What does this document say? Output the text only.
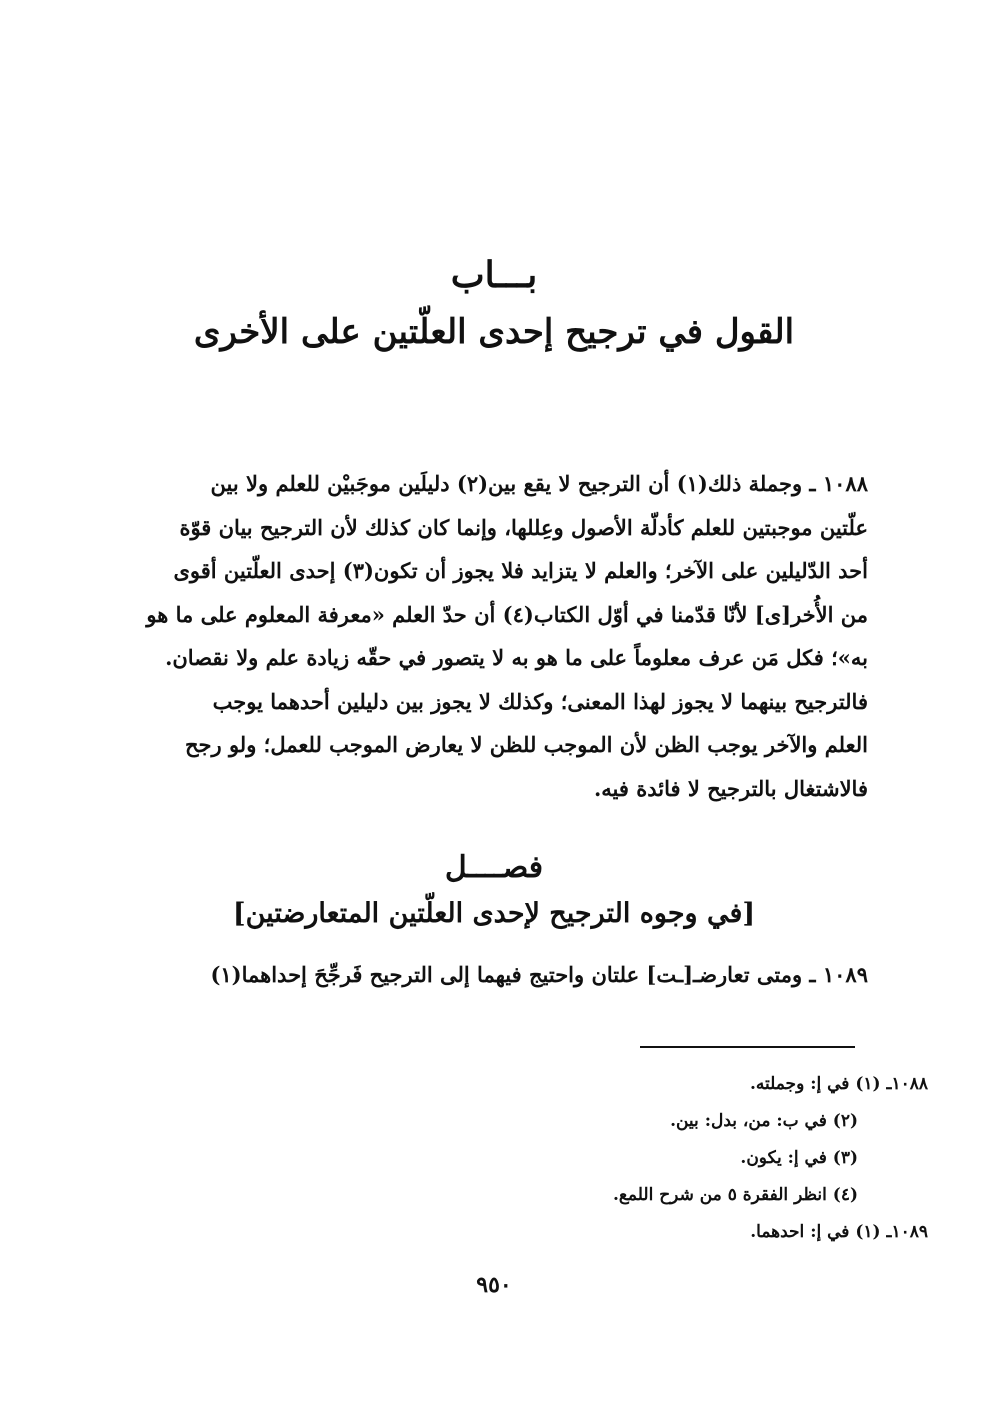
بـــاب
القول في ترجيح إحدى العلّتين على الأخرى
١٠٨٨ ـ وجملة ذلك(١) أن الترجيح لا يقع بين(٢) دليلَين موجَبيْن للعلم ولا بين
علّتين موجبتين للعلم كأدلّة الأصول وعِللها، وإنما كان كذلك لأن الترجيح بيان قوّة
أحد الدّليلين على الآخر؛ والعلم لا يتزايد فلا يجوز أن تكون(٣) إحدى العلّتين أقوى
من الأُخر[ى] لأنّا قدّمنا في أوّل الكتاب(٤) أن حدّ العلم «معرفة المعلوم على ما هو
به»؛ فكل مَن عرف معلوماً على ما هو به لا يتصور في حقّه زيادة علم ولا نقصان.
فالترجيح بينهما لا يجوز لهذا المعنى؛ وكذلك لا يجوز بين دليلين أحدهما يوجب
العلم والآخر يوجب الظن لأن الموجب للظن لا يعارض الموجب للعمل؛ ولو رجح
فالاشتغال بالترجيح لا فائدة فيه.
فصــــل
[في وجوه الترجيح لإحدى العلّتين المتعارضتين]
١٠٨٩ ـ ومتى تعارضـ[ـت] علتان واحتيج فيهما إلى الترجيح فَرجِّحَ إحداهما(١)
١٠٨٨ـ (١) في إ: وجملته.
(٢) في ب: من، بدل: بين.
(٣) في إ: يكون.
(٤) انظر الفقرة ٥ من شرح اللمع.
١٠٨٩ـ (١) في إ: احدهما.
٩٥٠
